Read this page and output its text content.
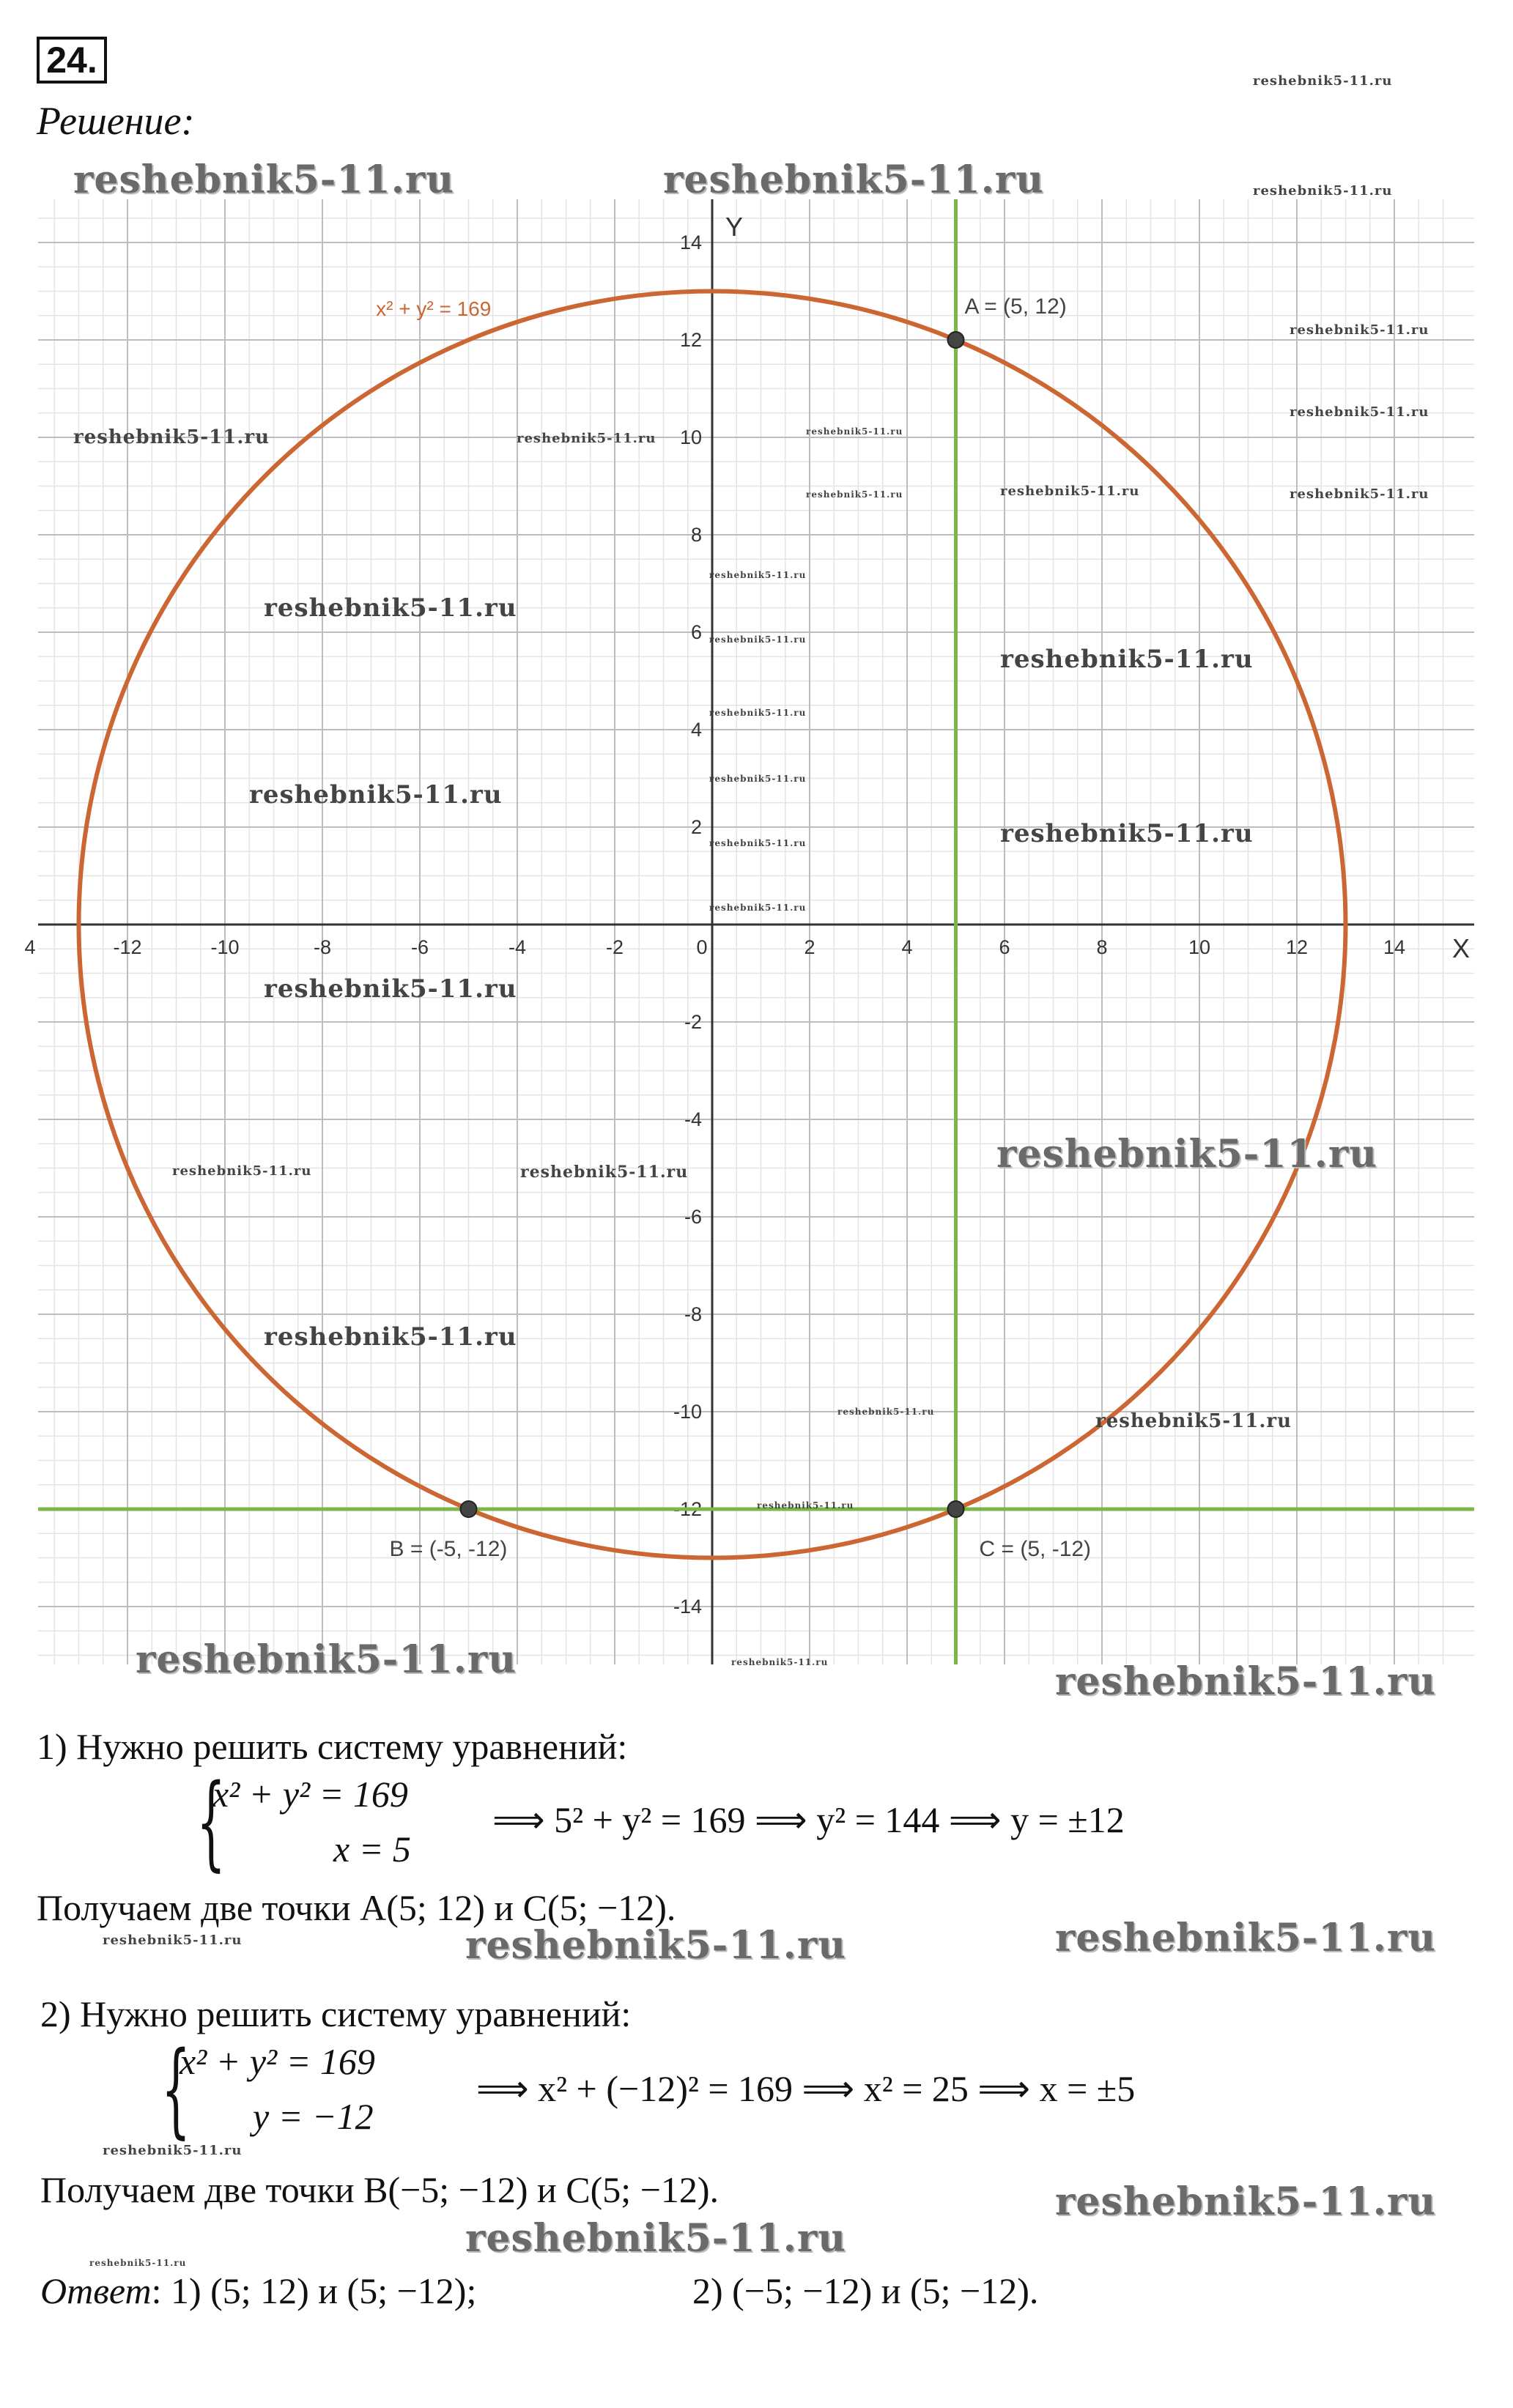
24.
Решение:
4	-12	-10	-8	-6	-4	-2	0	2	4	6	8	10	12	14
-14
-12
-10
-8
-6
-4
-2
2
4
6
8
10
12
14
X
Y
x² + y² = 169	A = (5, 12)
B = (-5, -12)	C = (5, -12)
reshebnik5-11.ru	reshebnik5-11.ru
reshebnik5-11.ru
reshebnik5-11.ru	reshebnik5-11.ru
reshebnik5-11.ru	reshebnik5-11.ru
reshebnik5-11.ru
reshebnik5-11.ru
reshebnik5-11.ru
reshebnik5-11.ru
reshebnik5-11.ru
reshebnik5-11.ru
reshebnik5-11.ru
reshebnik5-11.ru
reshebnik5-11.ru
reshebnik5-11.ru
reshebnik5-11.ru
reshebnik5-11.ru
reshebnik5-11.ru
reshebnik5-11.ru
reshebnik5-11.ru
reshebnik5-11.ru
reshebnik5-11.ru
reshebnik5-11.ru
reshebnik5-11.ru
reshebnik5-11.ru
reshebnik5-11.ru
reshebnik5-11.ru
reshebnik5-11.ru
reshebnik5-11.ru
reshebnik5-11.ru
reshebnik5-11.ru
reshebnik5-11.ru
reshebnik5-11.ru
reshebnik5-11.ru
reshebnik5-11.ru
reshebnik5-11.ru
reshebnik5-11.ru
reshebnik5-11.ru
1) Нужно решить систему уравнений:
{
x² + y² = 169
x = 5
⟹ 5² + y² = 169 ⟹ y² = 144 ⟹ y = ±12
Получаем две точки A(5; 12) и C(5; −12).
2) Нужно решить систему уравнений:
{
x² + y² = 169
y = −12
⟹ x² + (−12)² = 169 ⟹ x² = 25 ⟹ x = ±5
Получаем две точки B(−5; −12) и C(5; −12).
Ответ: 1) (5; 12) и (5; −12);	2) (−5; −12) и (5; −12).
